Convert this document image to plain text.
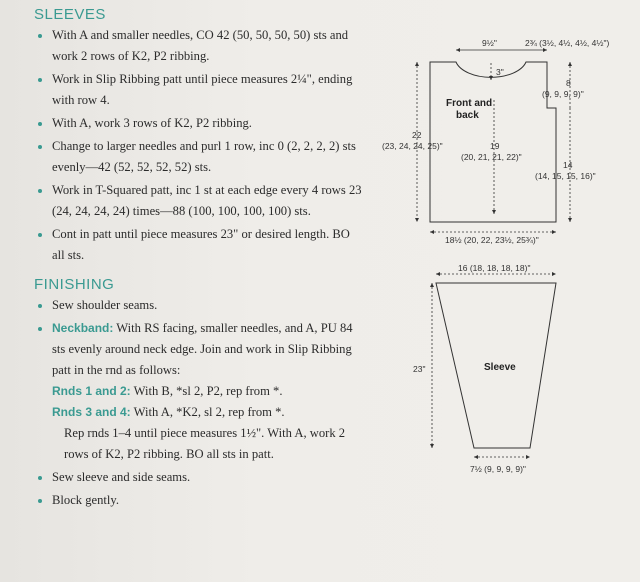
SLEEVES
With A and smaller needles, CO 42 (50, 50, 50, 50) sts and work 2 rows of K2, P2 ribbing.
Work in Slip Ribbing patt until piece measures 2¼", ending with row 4.
With A, work 3 rows of K2, P2 ribbing.
Change to larger needles and purl 1 row, inc 0 (2, 2, 2, 2) sts evenly—42 (52, 52, 52, 52) sts.
Work in T-Squared patt, inc 1 st at each edge every 4 rows 23 (24, 24, 24, 24) times—88 (100, 100, 100, 100) sts.
Cont in patt until piece measures 23" or desired length. BO all sts.
FINISHING
Sew shoulder seams.
Neckband: With RS facing, smaller needles, and A, PU 84 sts evenly around neck edge. Join and work in Slip Ribbing patt in the rnd as follows:
Rnds 1 and 2: With B, *sl 2, P2, rep from *.
Rnds 3 and 4: With A, *K2, sl 2, rep from *.
Rep rnds 1–4 until piece measures 1½". With A, work 2 rows of K2, P2 ribbing. BO all sts in patt.
Sew sleeve and side seams.
Block gently.
9½"	2¾ (3½, 4½, 4½, 4½")
3"
8
(9, 9, 9, 9)"
Front and
back
22
(23, 24, 24, 25)"	19
(20, 21, 21, 22)"
14
(14, 15, 15, 16)"
18½ (20, 22, 23½, 25¾)"
16 (18, 18, 18, 18)"
23"	Sleeve
7½ (9, 9, 9, 9)"
